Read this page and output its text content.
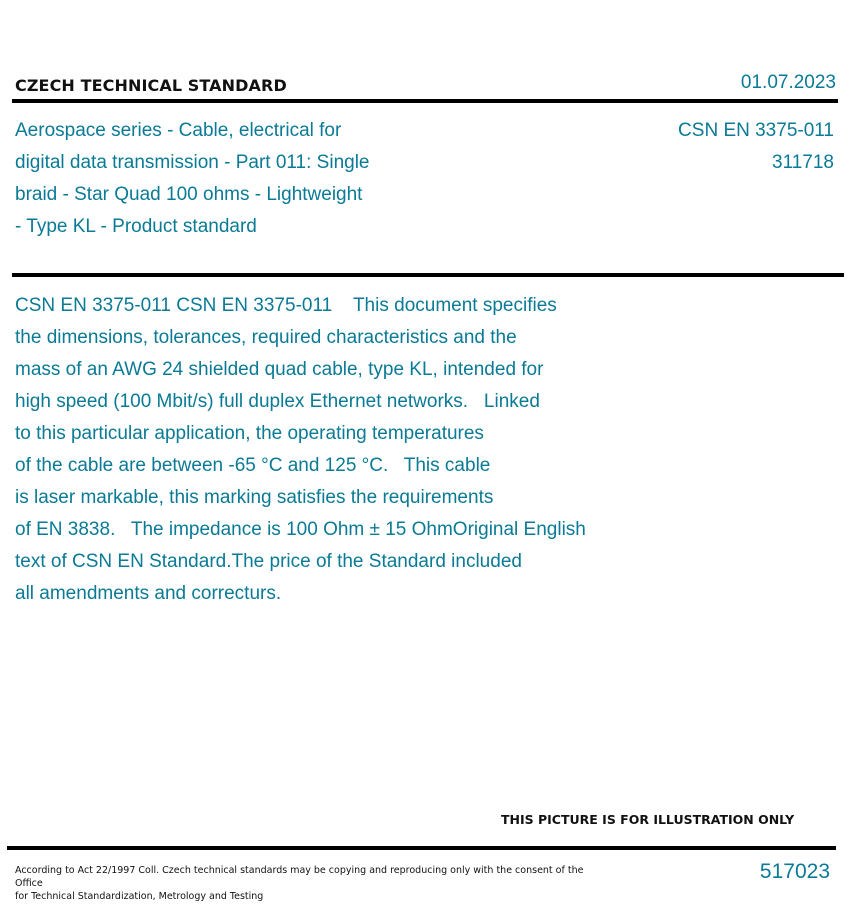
CZECH TECHNICAL STANDARD	01.07.2023
Aerospace series - Cable, electrical for
digital data transmission - Part 011: Single
braid - Star Quad 100 ohms - Lightweight
- Type KL - Product standard
CSN EN 3375-011
311718
CSN EN 3375-011 CSN EN 3375-011    This document specifies
the dimensions, tolerances, required characteristics and the
mass of an AWG 24 shielded quad cable, type KL, intended for
high speed (100 Mbit/s) full duplex Ethernet networks.   Linked
to this particular application, the operating temperatures
of the cable are between -65 °C and 125 °C.   This cable
is laser markable, this marking satisfies the requirements
of EN 3838.   The impedance is 100 Ohm ± 15 OhmOriginal English
text of CSN EN Standard.The price of the Standard included
all amendments and correcturs.
THIS PICTURE IS FOR ILLUSTRATION ONLY
According to Act 22/1997 Coll. Czech technical standards may be copying and reproducing only with the consent of the Office
for Technical Standardization, Metrology and Testing
517023
